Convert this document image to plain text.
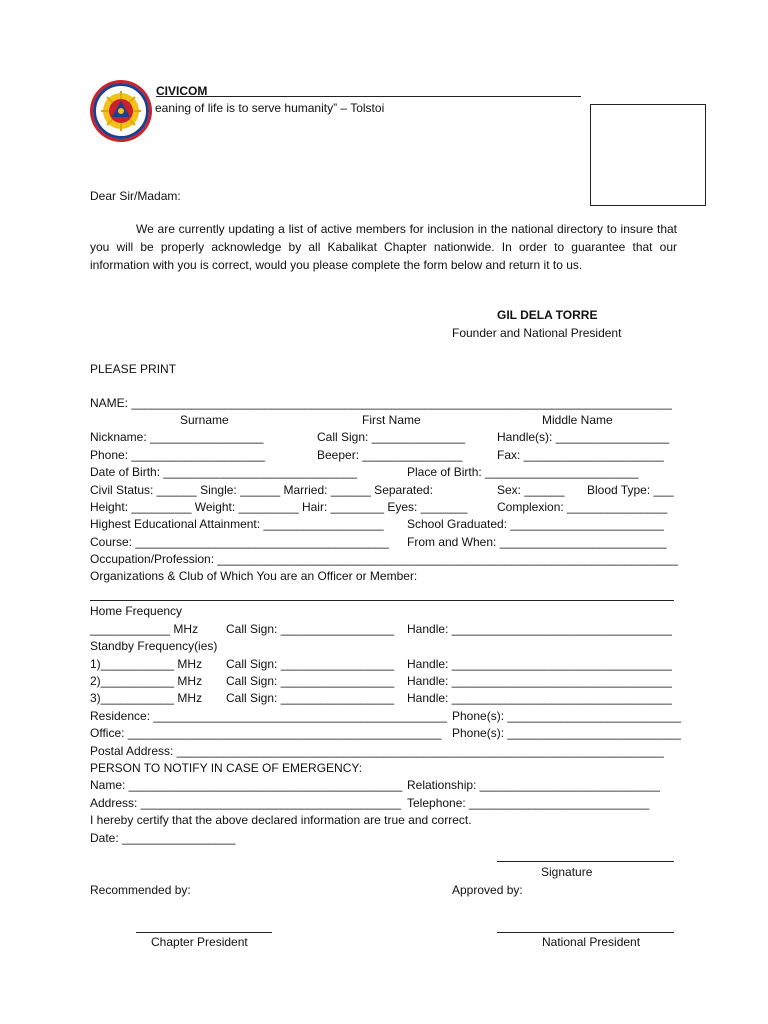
CIVICOM
eaning of life is to serve humanity” – Tolstoi
Dear Sir/Madam:
We are currently updating a list of active members for inclusion in the national directory to insure that you will be properly acknowledge by all Kabalikat Chapter nationwide. In order to guarantee that our information with you is correct, would you please complete the form below and return it to us.
GIL DELA TORRE
Founder and National President
PLEASE PRINT
NAME: _________________________________________________________________________________
Surname	First Name	Middle Name
Nickname: _________________	Call Sign: ______________	Handle(s): _________________
Phone: ____________________	Beeper: _______________	Fax: _____________________
Date of Birth: _____________________________	Place of Birth: _______________________
Civil Status: ______ Single: ______ Married: ______ Separated:	Sex: ______ Blood Type: ___
Height: _________ Weight: _________ Hair: ________ Eyes: _______ Complexion: _______________
Highest Educational Attainment: __________________ School Graduated: _______________________
Course: ______________________________________ From and When: _________________________
Occupation/Profession: _____________________________________________________________________
Organizations & Club of Which You are an Officer or Member:
Home Frequency
____________ MHz Call Sign: _________________ Handle: _________________________________
Standby Frequency(ies)
1)___________ MHz Call Sign: _________________ Handle: _________________________________
2)___________ MHz Call Sign: _________________ Handle: _________________________________
3)___________ MHz Call Sign: _________________ Handle: _________________________________
Residence: ____________________________________________ Phone(s): __________________________
Office: _______________________________________________ Phone(s): __________________________
Postal Address: _________________________________________________________________________
PERSON TO NOTIFY IN CASE OF EMERGENCY:
Name: _________________________________________ Relationship: ___________________________
Address: _______________________________________ Telephone: ___________________________
I hereby certify that the above declared information are true and correct.
Date: _________________
Signature
Recommended by:	Approved by:
Chapter President	National President
